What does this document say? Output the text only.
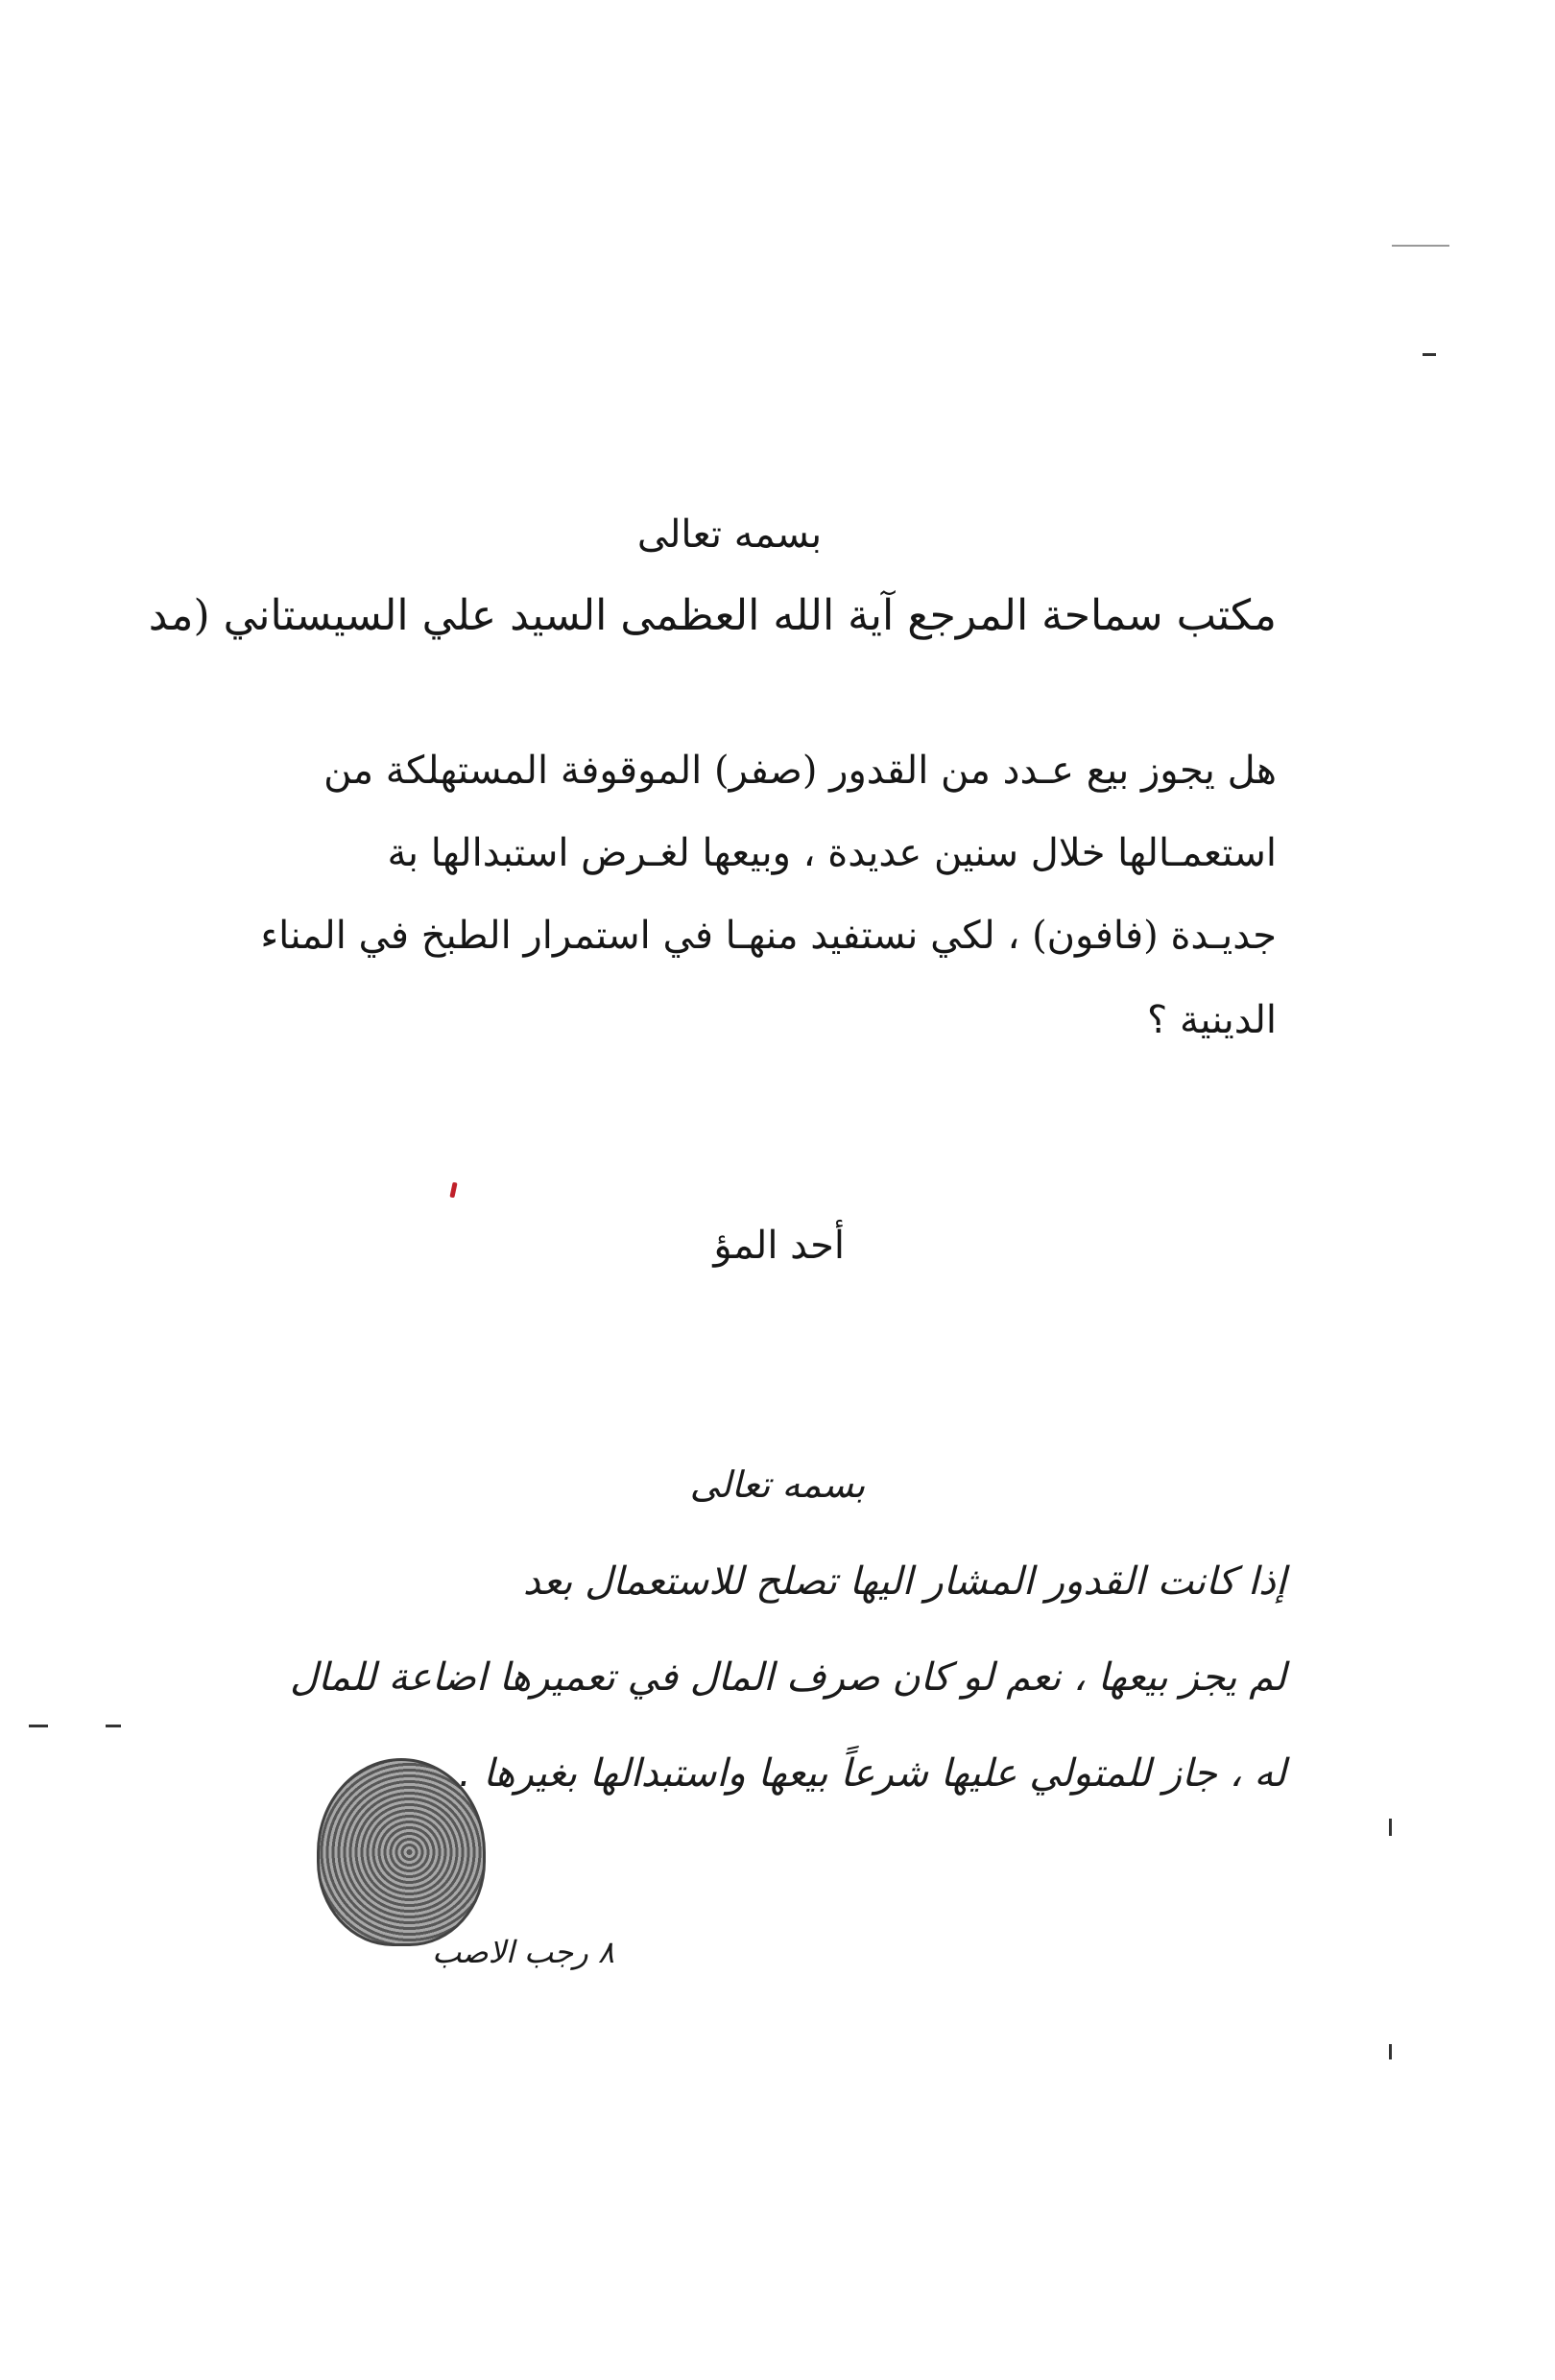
بسمه تعالى
مكتب سماحة المرجع آية الله العظمى السيد علي السيستاني (مد
هل يجوز بيع عـدد من القدور (صفر) الموقوفة المستهلكة من
استعمـالها خلال سنين عديدة ، وبيعها لغـرض استبدالها بة
جديـدة (فافون) ، لكي نستفيد منهـا في استمرار الطبخ في المناء
الدينية ؟
أحد المؤ
بسمه تعالى
إذا كانت القدور المشار اليها تصلح للاستعمال بعد
لم يجز بيعها ، نعم لو كان صرف المال في تعميرها اضاعة للمال
له ، جاز للمتولي عليها شرعاً بيعها واستبدالها بغيرها .
٨ رجب الاصب
